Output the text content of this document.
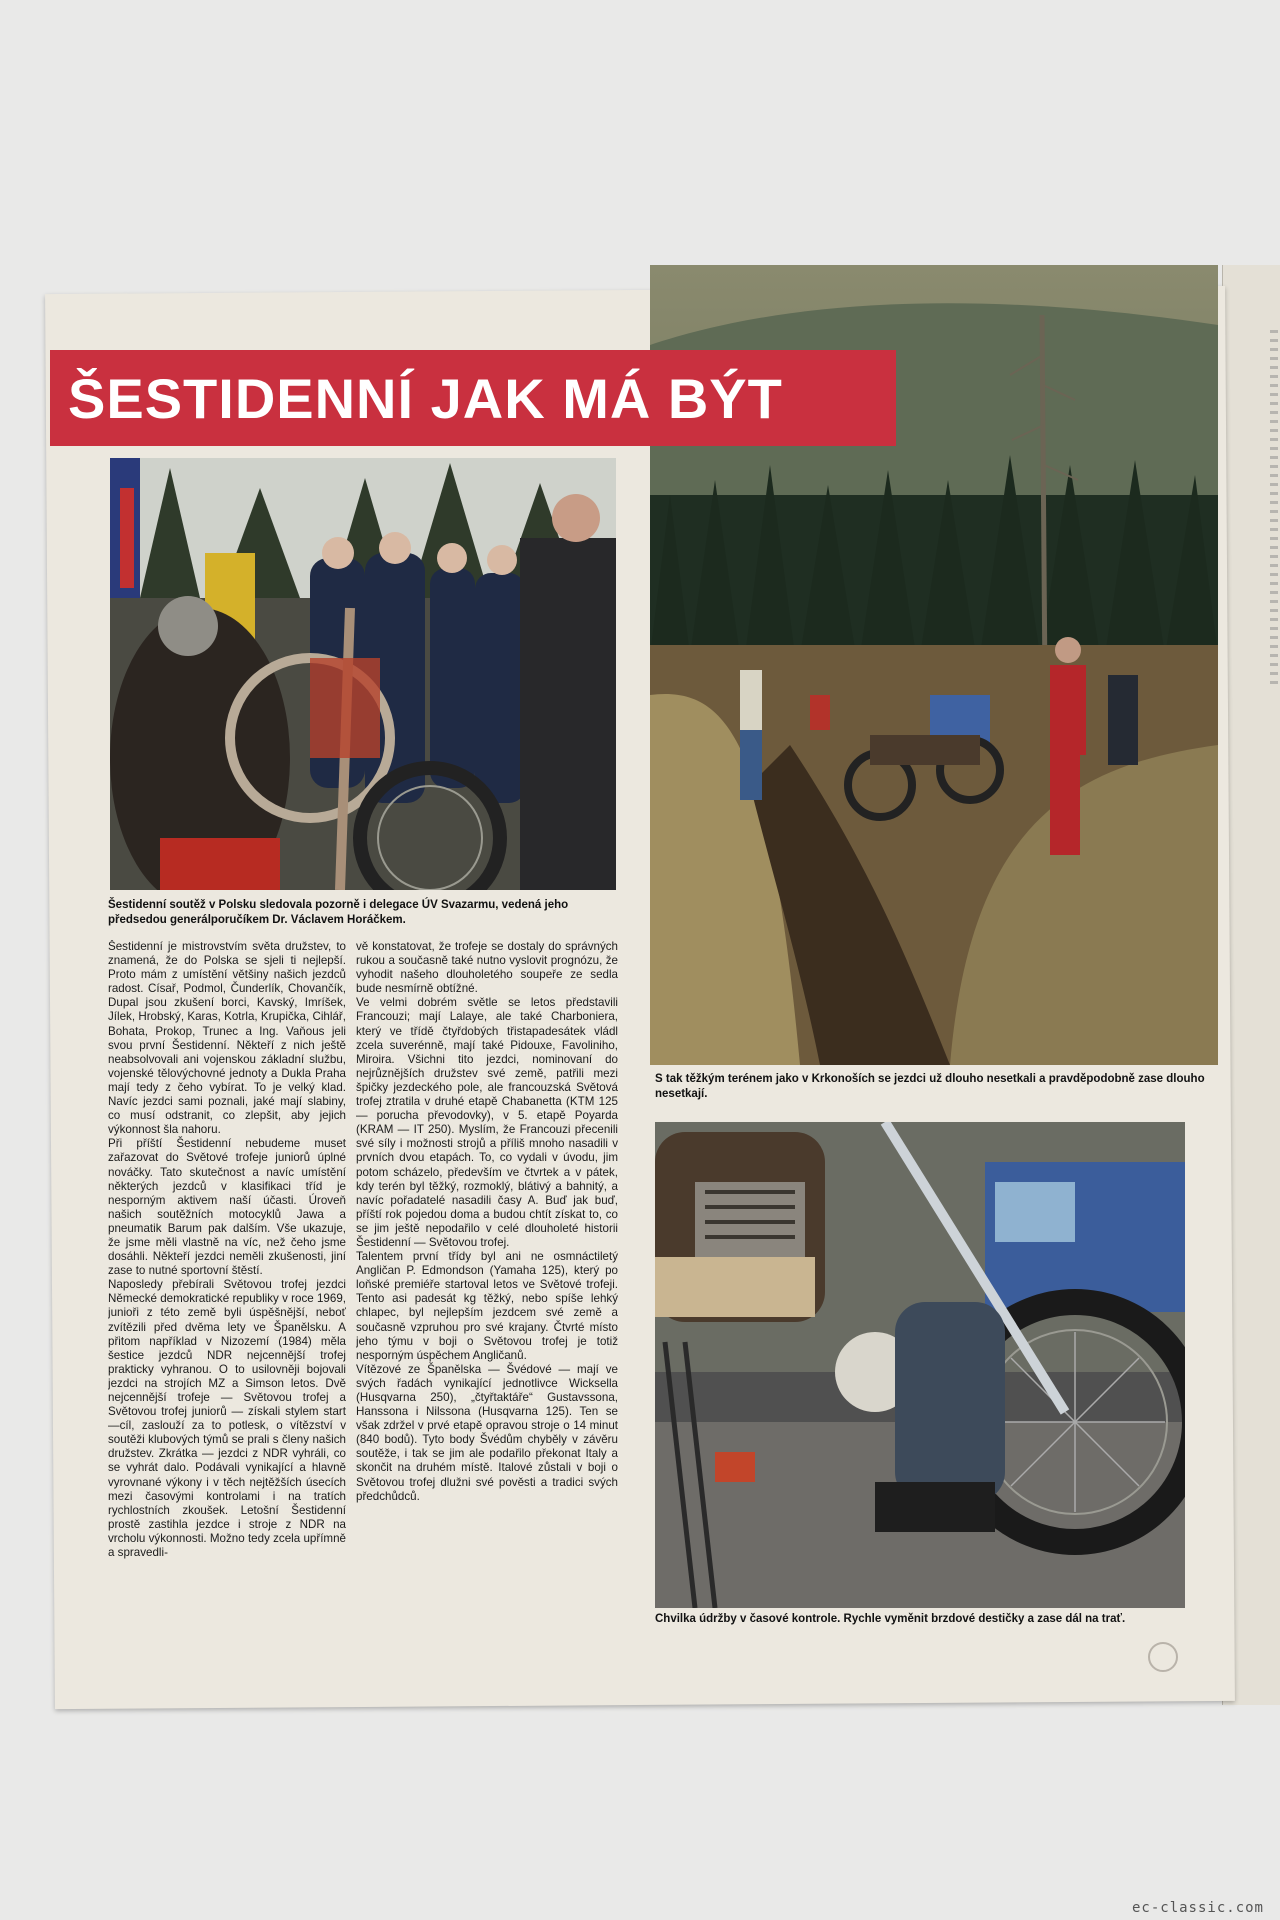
ŠESTIDENNÍ JAK MÁ BÝT
Šestidenní soutěž v Polsku sledovala pozorně i delegace ÚV Svazarmu, vedená jeho předsedou generálporučíkem Dr. Václavem Horáčkem.
S tak těžkým terénem jako v Krkonoších se jezdci už dlouho nesetkali a pravděpodobně zase dlouho nesetkají.
Chvilka údržby v časové kontrole. Rychle vyměnit brzdové destičky a zase dál na trať.

Šestidenní je mistrovstvím světa družstev, to znamená, že do Polska se sjeli ti nejlepší. Proto mám z umístění většiny našich jezdců radost. Císař, Podmol, Čunderlík, Chovančík, Dupal jsou zkušení borci, Kavský, Imríšek, Jílek, Hrobský, Karas, Kotrla, Krupička, Cihlář, Bohata, Prokop, Trunec a Ing. Vaňous jeli svou první Šestidenní. Někteří z nich ještě neabsolvovali ani vojenskou základní službu, vojenské tělovýchovné jednoty a Dukla Praha mají tedy z čeho vybírat. To je velký klad. Navíc jezdci sami poznali, jaké mají slabiny, co musí odstranit, co zlepšit, aby jejich výkonnost šla nahoru.

Při příští Šestidenní nebudeme muset zařazovat do Světové trofeje juniorů úplné nováčky. Tato skutečnost a navíc umístění některých jezdců v klasifikaci tříd je nesporným aktivem naší účasti. Úroveň našich soutěžních motocyklů Jawa a pneumatik Barum pak dalším. Vše ukazuje, že jsme měli vlastně na víc, než čeho jsme dosáhli. Někteří jezdci neměli zkušenosti, jiní zase to nutné sportovní štěstí.

Naposledy přebírali Světovou trofej jezdci Německé demokratické republiky v roce 1969, junioři z této země byli úspěšnější, neboť zvítězili před dvěma lety ve Španělsku. A přitom například v Nizozemí (1984) měla šestice jezdců NDR nejcennější trofej prakticky vyhranou. O to usilovněji bojovali jezdci na strojích MZ a Simson letos. Dvě nejcennější trofeje — Světovou trofej a Světovou trofej juniorů — získali stylem start—cíl, zaslouží za to potlesk, o vítězství v soutěži klubových týmů se prali s členy našich družstev. Zkrátka — jezdci z NDR vyhráli, co se vyhrát dalo. Podávali vynikající a hlavně vyrovnané výkony i v těch nejtěžších úsecích mezi časovými kontrolami i na tratích rychlostních zkoušek. Letošní Šestidenní prostě zastihla jezdce i stroje z NDR na vrcholu výkonnosti. Možno tedy zcela upřímně a spravedli-

vě konstatovat, že trofeje se dostaly do správných rukou a současně také nutno vyslovit prognózu, že vyhodit našeho dlouholetého soupeře ze sedla bude nesmírně obtížné.

Ve velmi dobrém světle se letos představili Francouzi; mají Lalaye, ale také Charboniera, který ve třídě čtyřdobých třistapadesátek vládl zcela suverénně, mají také Pidouxe, Favoliniho, Miroira. Všichni tito jezdci, nominovaní do nejrůznějších družstev své země, patřili mezi špičky jezdeckého pole, ale francouzská Světová trofej ztratila v druhé etapě Chabanetta (KTM 125 — porucha převodovky), v 5. etapě Poyarda (KRAM — IT 250). Myslím, že Francouzi přecenili své síly i možnosti strojů a příliš mnoho nasadili v prvních dvou etapách. To, co vydali v úvodu, jim potom scházelo, především ve čtvrtek a v pátek, kdy terén byl těžký, rozmoklý, blátivý a bahnitý, a navíc pořadatelé nasadili časy A. Buď jak buď, příští rok pojedou doma a budou chtít získat to, co se jim ještě nepodařilo v celé dlouholeté historii Šestidenní — Světovou trofej.

Talentem první třídy byl ani ne osmnáctiletý Angličan P. Edmondson (Yamaha 125), který po loňské premiéře startoval letos ve Světové trofeji. Tento asi padesát kg těžký, nebo spíše lehký chlapec, byl nejlepším jezdcem své země a současně vzpruhou pro své krajany. Čtvrté místo jeho týmu v boji o Světovou trofej je totiž nesporným úspěchem Angličanů.

Vítězové ze Španělska — Švédové — mají ve svých řadách vynikající jednotlivce Wicksella (Husqvarna 250), „čtyřtaktáře“ Gustavssona, Hanssona i Nilssona (Husqvarna 125). Ten se však zdržel v prvé etapě opravou stroje o 14 minut (840 bodů). Tyto body Švédům chyběly v závěru soutěže, i tak se jim ale podařilo překonat Italy a skončit na druhém místě. Italové zůstali v boji o Světovou trofej dlužni své pověsti a tradici svých předchůdců.

ec-classic.com
